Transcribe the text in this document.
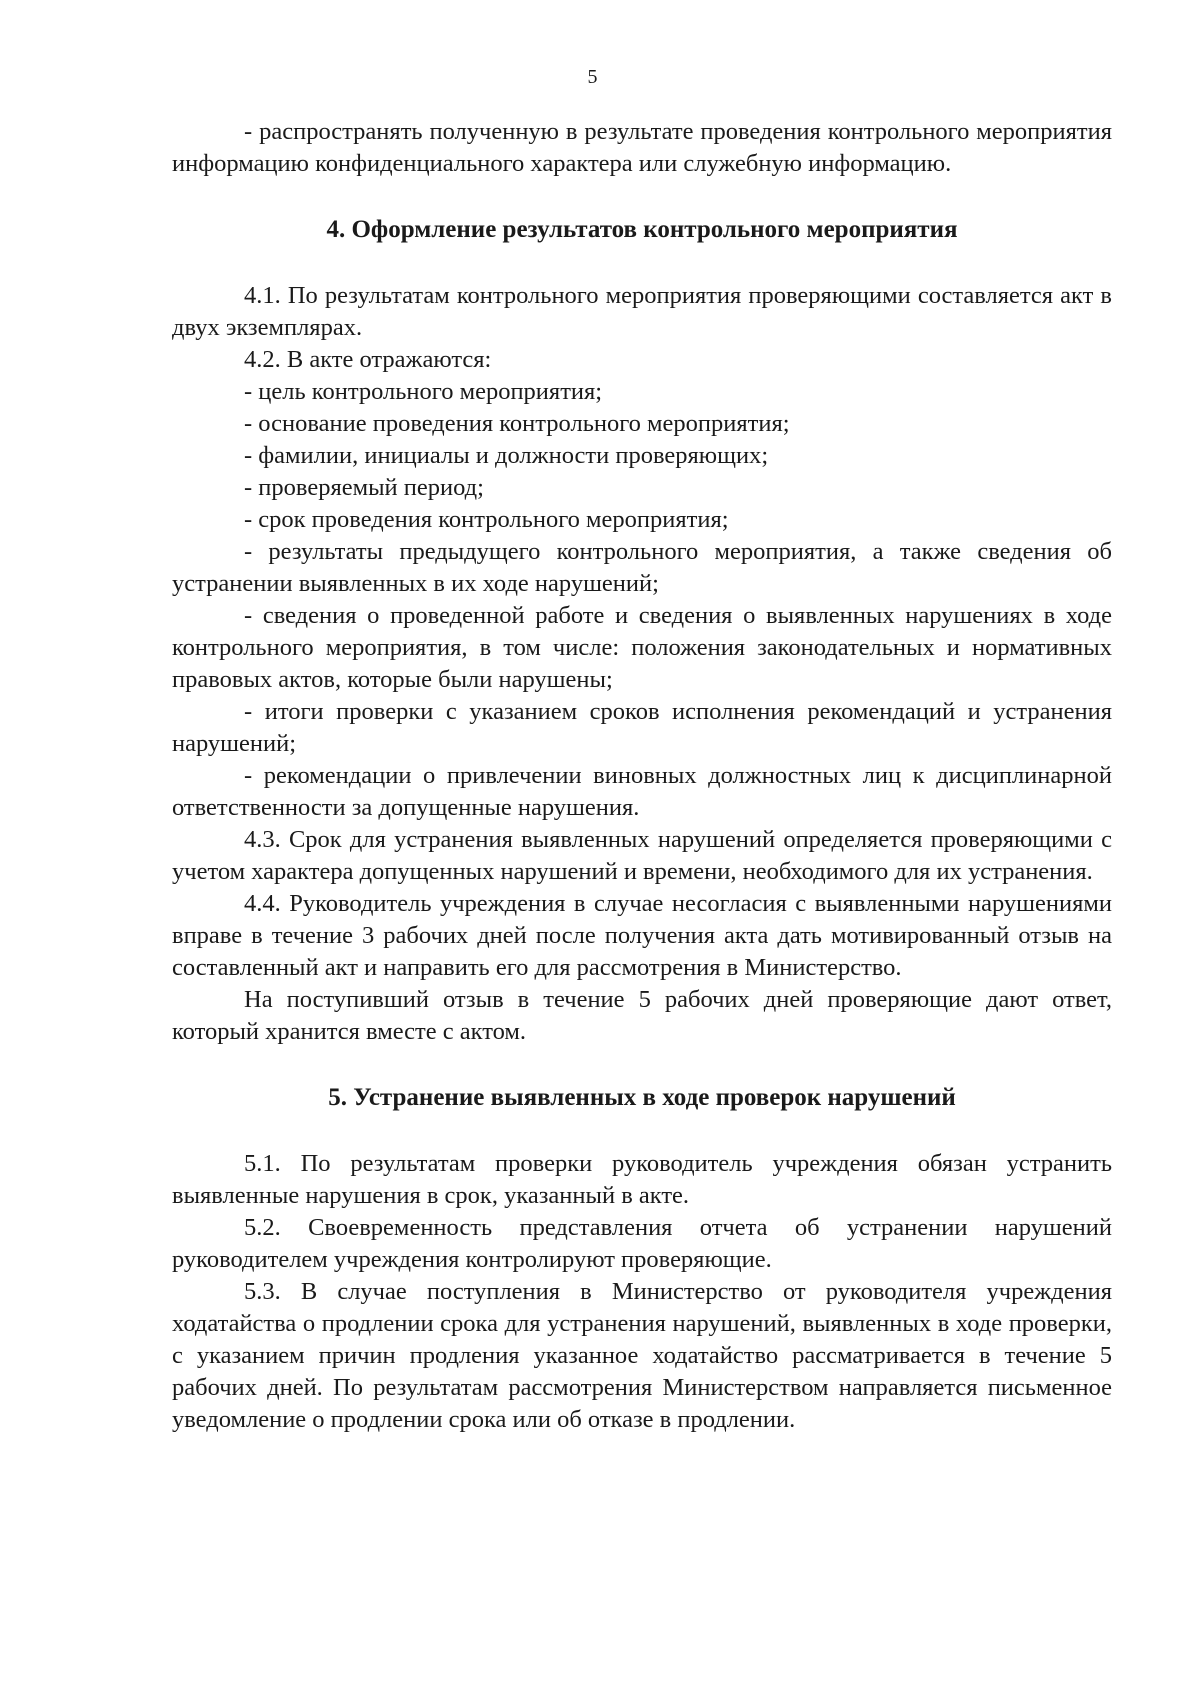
5

- распространять полученную в результате проведения контрольного мероприятия информацию конфиденциального характера или служебную информацию.

4. Оформление результатов контрольного мероприятия

4.1. По результатам контрольного мероприятия проверяющими составляется акт в двух экземплярах.

4.2. В акте отражаются:

- цель контрольного мероприятия;

- основание проведения контрольного мероприятия;

- фамилии, инициалы и должности проверяющих;

- проверяемый период;

- срок проведения контрольного мероприятия;

- результаты предыдущего контрольного мероприятия, а также сведения об устранении выявленных в их ходе нарушений;

- сведения о проведенной работе и сведения о выявленных нарушениях в ходе контрольного мероприятия, в том числе: положения законодательных и нормативных правовых актов, которые были нарушены;

- итоги проверки с указанием сроков исполнения рекомендаций и устранения нарушений;

- рекомендации о привлечении виновных должностных лиц к дисциплинарной ответственности за допущенные нарушения.

4.3. Срок для устранения выявленных нарушений определяется проверяющими с учетом характера допущенных нарушений и времени, необходимого для их устранения.

4.4. Руководитель учреждения в случае несогласия с выявленными нарушениями вправе в течение 3 рабочих дней после получения акта дать мотивированный отзыв на составленный акт и направить его для рассмотрения в Министерство.

На поступивший отзыв в течение 5 рабочих дней проверяющие дают ответ, который хранится вместе с актом.

5. Устранение выявленных в ходе проверок нарушений

5.1. По результатам проверки руководитель учреждения обязан устранить выявленные нарушения в срок, указанный в акте.

5.2. Своевременность представления отчета об устранении нарушений руководителем учреждения контролируют проверяющие.

5.3. В случае поступления в Министерство от руководителя учреждения ходатайства о продлении срока для устранения нарушений, выявленных в ходе проверки, с указанием причин продления указанное ходатайство рассматривается в течение 5 рабочих дней. По результатам рассмотрения Министерством направляется письменное уведомление о продлении срока или об отказе в продлении.
